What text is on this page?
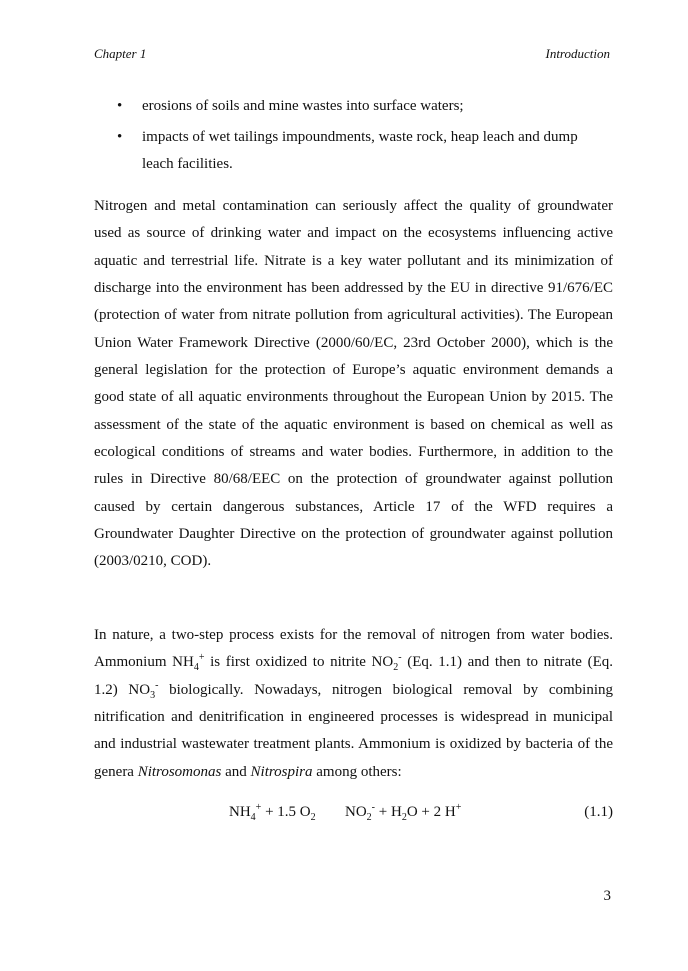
Chapter 1	Introduction
• erosions of soils and mine wastes into surface waters;
• impacts of wet tailings impoundments, waste rock, heap leach and dump leach facilities.

Nitrogen and metal contamination can seriously affect the quality of groundwater used as source of drinking water and impact on the ecosystems influencing active aquatic and terrestrial life. Nitrate is a key water pollutant and its minimization of discharge into the environment has been addressed by the EU in directive 91/676/EC (protection of water from nitrate pollution from agricultural activities). The European Union Water Framework Directive (2000/60/EC, 23rd October 2000), which is the general legislation for the protection of Europe’s aquatic environment demands a good state of all aquatic environments throughout the European Union by 2015. The assessment of the state of the aquatic environment is based on chemical as well as ecological conditions of streams and water bodies. Furthermore, in addition to the rules in Directive 80/68/EEC on the protection of groundwater against pollution caused by certain dangerous substances, Article 17 of the WFD requires a Groundwater Daughter Directive on the protection of groundwater against pollution (2003/0210, COD).

In nature, a two-step process exists for the removal of nitrogen from water bodies. Ammonium $NH_4^+$ is first oxidized to nitrite $NO_2^-$ (Eq. 1.1) and then to nitrate (Eq. 1.2) $NO_3^-$ biologically. Nowadays, nitrogen biological removal by combining nitrification and denitrification in engineered processes is widespread in municipal and industrial wastewater treatment plants. Ammonium is oxidized by bacteria of the genera Nitrosomonas and Nitrospira among others:

$NH_4^+ + 1.5$ $O_2$ $NO_2^- + H_2O + 2$ H+	(1.1)
3
